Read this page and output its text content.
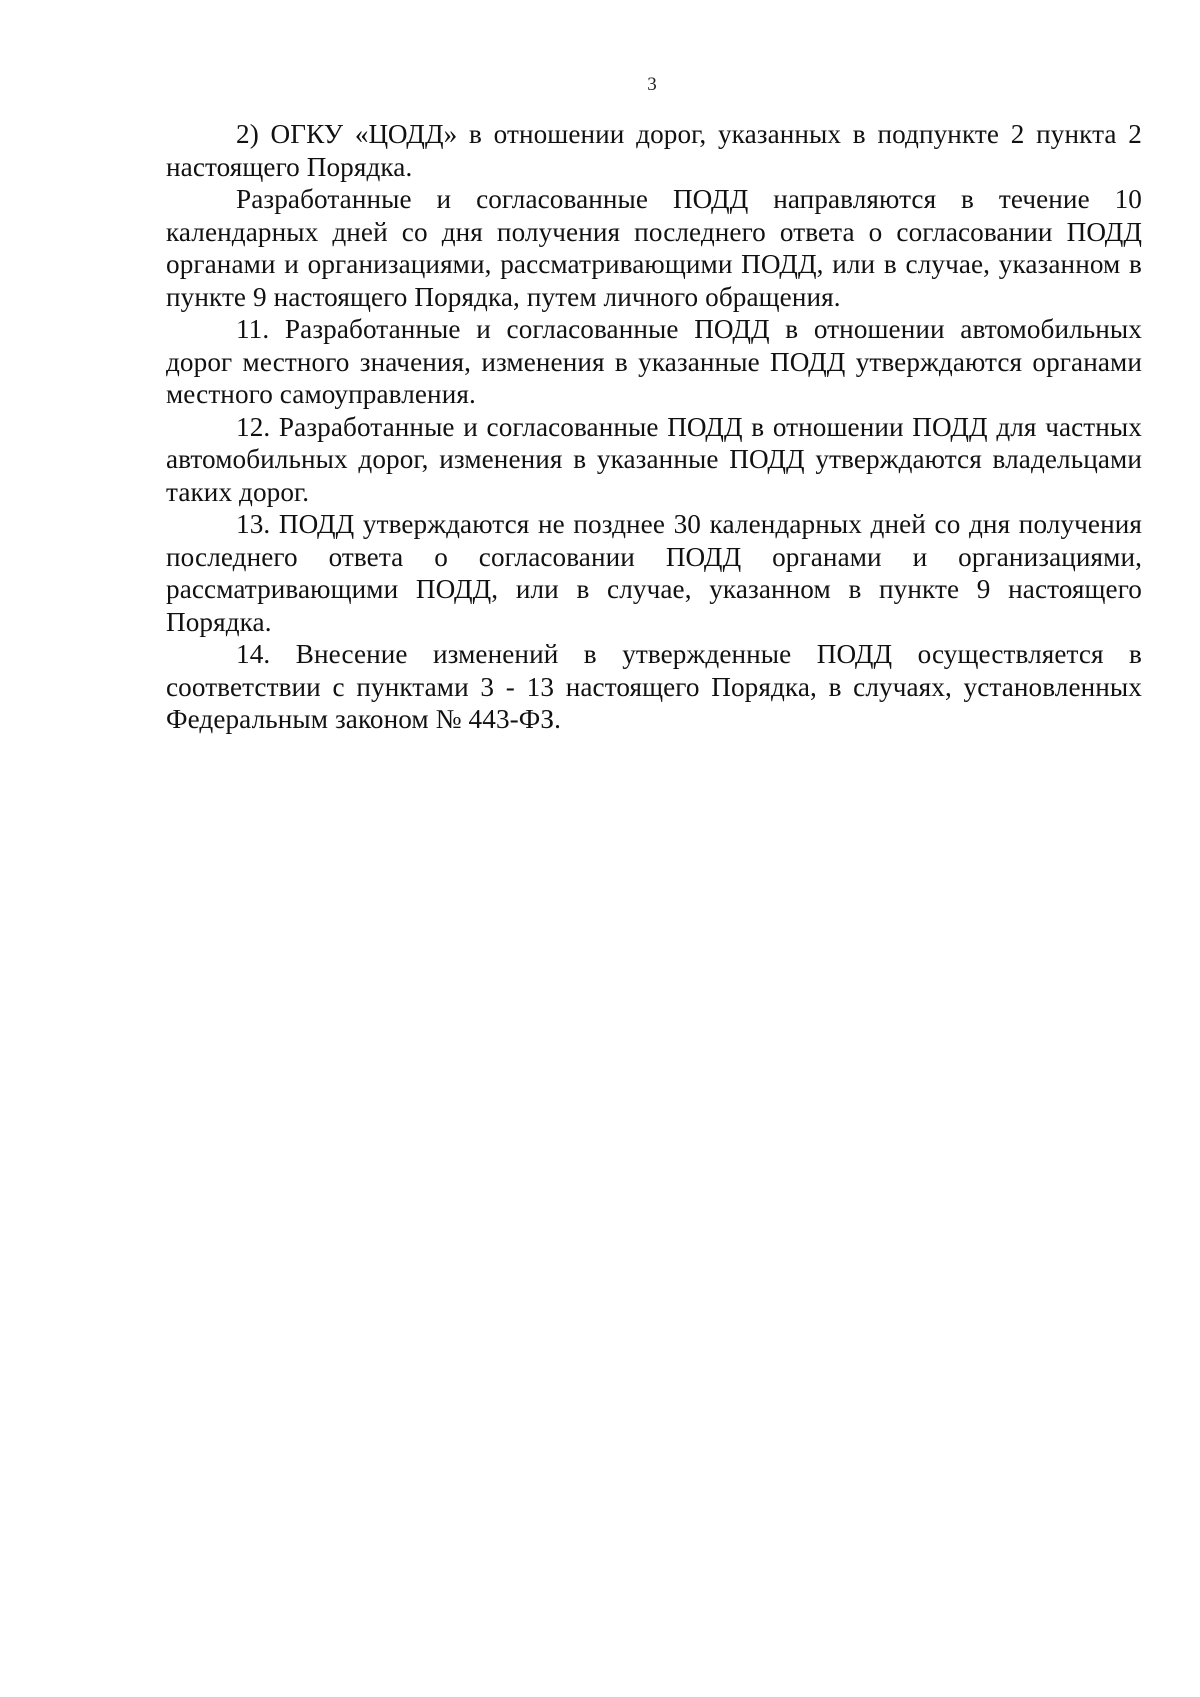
3

2) ОГКУ «ЦОДД» в отношении дорог, указанных в подпункте 2 пункта 2 настоящего Порядка.

Разработанные и согласованные ПОДД направляются в течение 10 календарных дней со дня получения последнего ответа о согласовании ПОДД органами и организациями, рассматривающими ПОДД, или в случае, указанном в пункте 9 настоящего Порядка, путем личного обращения.

11. Разработанные и согласованные ПОДД в отношении автомобильных дорог местного значения, изменения в указанные ПОДД утверждаются органами местного самоуправления.

12. Разработанные и согласованные ПОДД в отношении ПОДД для частных автомобильных дорог, изменения в указанные ПОДД утверждаются владельцами таких дорог.

13. ПОДД утверждаются не позднее 30 календарных дней со дня получения последнего ответа о согласовании ПОДД органами и организациями, рассматривающими ПОДД, или в случае, указанном в пункте 9 настоящего Порядка.

14. Внесение изменений в утвержденные ПОДД осуществляется в соответствии с пунктами 3 - 13 настоящего Порядка, в случаях, установленных Федеральным законом № 443-ФЗ.
